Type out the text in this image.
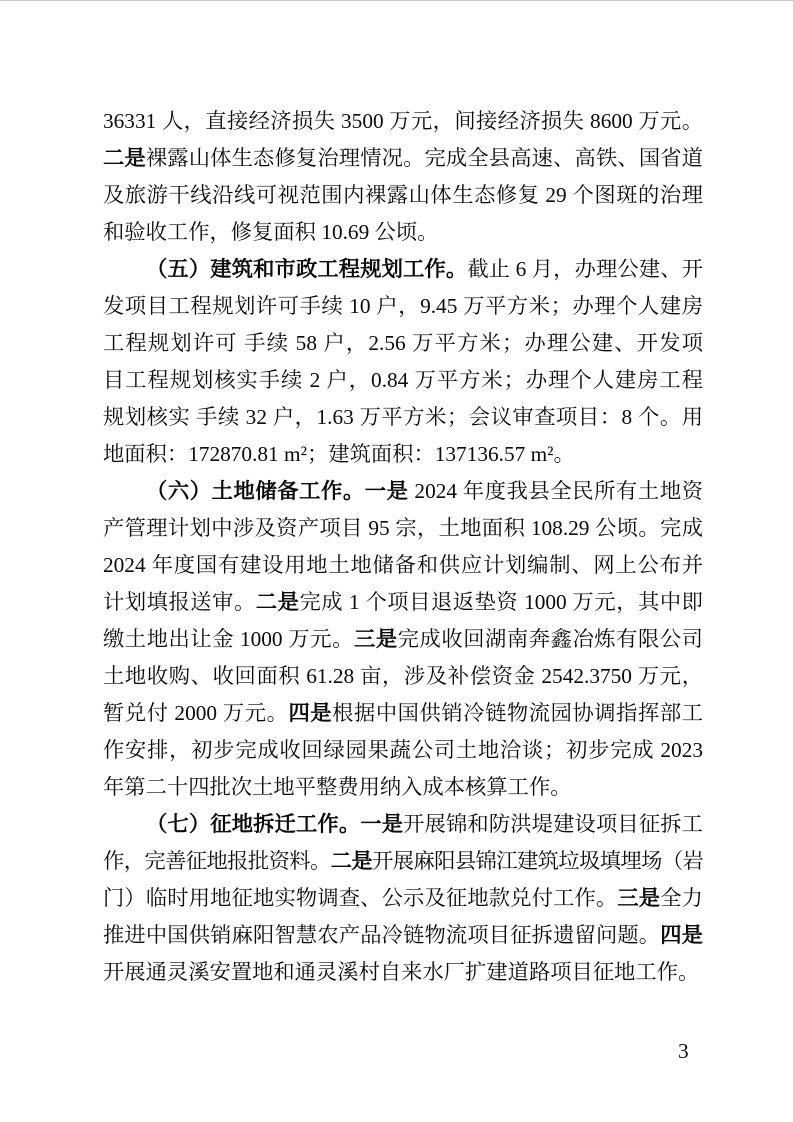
36331 人，直接经济损失 3500 万元，间接经济损失 8600 万元。
二是裸露山体生态修复治理情况。完成全县高速、高铁、国省道
及旅游干线沿线可视范围内裸露山体生态修复 29 个图斑的治理
和验收工作，修复面积 10.69 公顷。
（五）建筑和市政工程规划工作。截止 6 月，办理公建、开
发项目工程规划许可手续 10 户，9.45 万平方米；办理个人建房
工程规划许可 手续 58 户，2.56 万平方米；办理公建、开发项
目工程规划核实手续 2 户，0.84 万平方米；办理个人建房工程
规划核实 手续 32 户，1.63 万平方米；会议审查项目：8 个。用
地面积：172870.81 m²；建筑面积：137136.57 m²。
（六）土地储备工作。一是 2024 年度我县全民所有土地资
产管理计划中涉及资产项目 95 宗，土地面积 108.29 公顷。完成
2024 年度国有建设用地土地储备和供应计划编制、网上公布并
计划填报送审。二是完成 1 个项目退返垫资 1000 万元，其中即
缴土地出让金 1000 万元。三是完成收回湖南奔鑫冶炼有限公司
土地收购、收回面积 61.28 亩，涉及补偿资金 2542.3750 万元，
暂兑付 2000 万元。四是根据中国供销冷链物流园协调指挥部工
作安排，初步完成收回绿园果蔬公司土地洽谈；初步完成 2023
年第二十四批次土地平整费用纳入成本核算工作。
（七）征地拆迁工作。一是开展锦和防洪堤建设项目征拆工
作，完善征地报批资料。二是开展麻阳县锦江建筑垃圾填埋场（岩
门）临时用地征地实物调查、公示及征地款兑付工作。三是全力
推进中国供销麻阳智慧农产品冷链物流项目征拆遗留问题。四是
开展通灵溪安置地和通灵溪村自来水厂扩建道路项目征地工作。
3
